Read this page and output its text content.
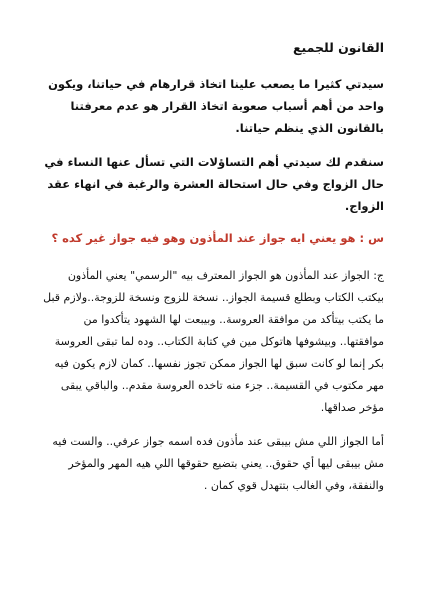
القانون للجميع

سيدتي كثيرا ما يصعب علينا اتخاذ قرارهام في حياتنا، ويكون واحد من أهم أسباب صعوبة اتخاذ القرار هو عدم معرفتنا بالقانون الذي ينظم حياتنا.

سنقدم لك سيدتي أهم التساؤلات التي تسأل عنها النساء في حال الزواج وفي حال استحالة العشرة والرغبة في انهاء عقد الزواج.

س : هو يعني ايه جواز عند المأذون وهو فيه جواز غير كده ؟

ج: الجواز عند المأذون هو الجواز المعترف بيه "الرسمي" يعني المأذون بيكتب الكتاب وبطلع قسيمة الجواز.. نسخة للزوج ونسخة للزوجة..ولازم قبل ما يكتب بيتأكد من موافقة العروسة.. وبيبعت لها الشهود يتأكدوا من موافقتها.. وبيشوفها هاتوكل مين في كتابة الكتاب.. وده لما تبقى العروسة بكر إنما لو كانت سبق لها الجواز ممكن تجوز نفسها.. كمان لازم يكون فيه مهر مكتوب في القسيمة.. جزء منه تاخده العروسة مقدم.. والباقي يبقى مؤخر صداقها.

أما الجواز اللي مش بيبقى عند مأذون فده اسمه جواز عرفي.. والست فيه مش بيبقى ليها أي حقوق.. يعني بتضيع حقوقها اللي هيه المهر والمؤخر والنفقة، وفي الغالب بتتهدل قوي كمان .
